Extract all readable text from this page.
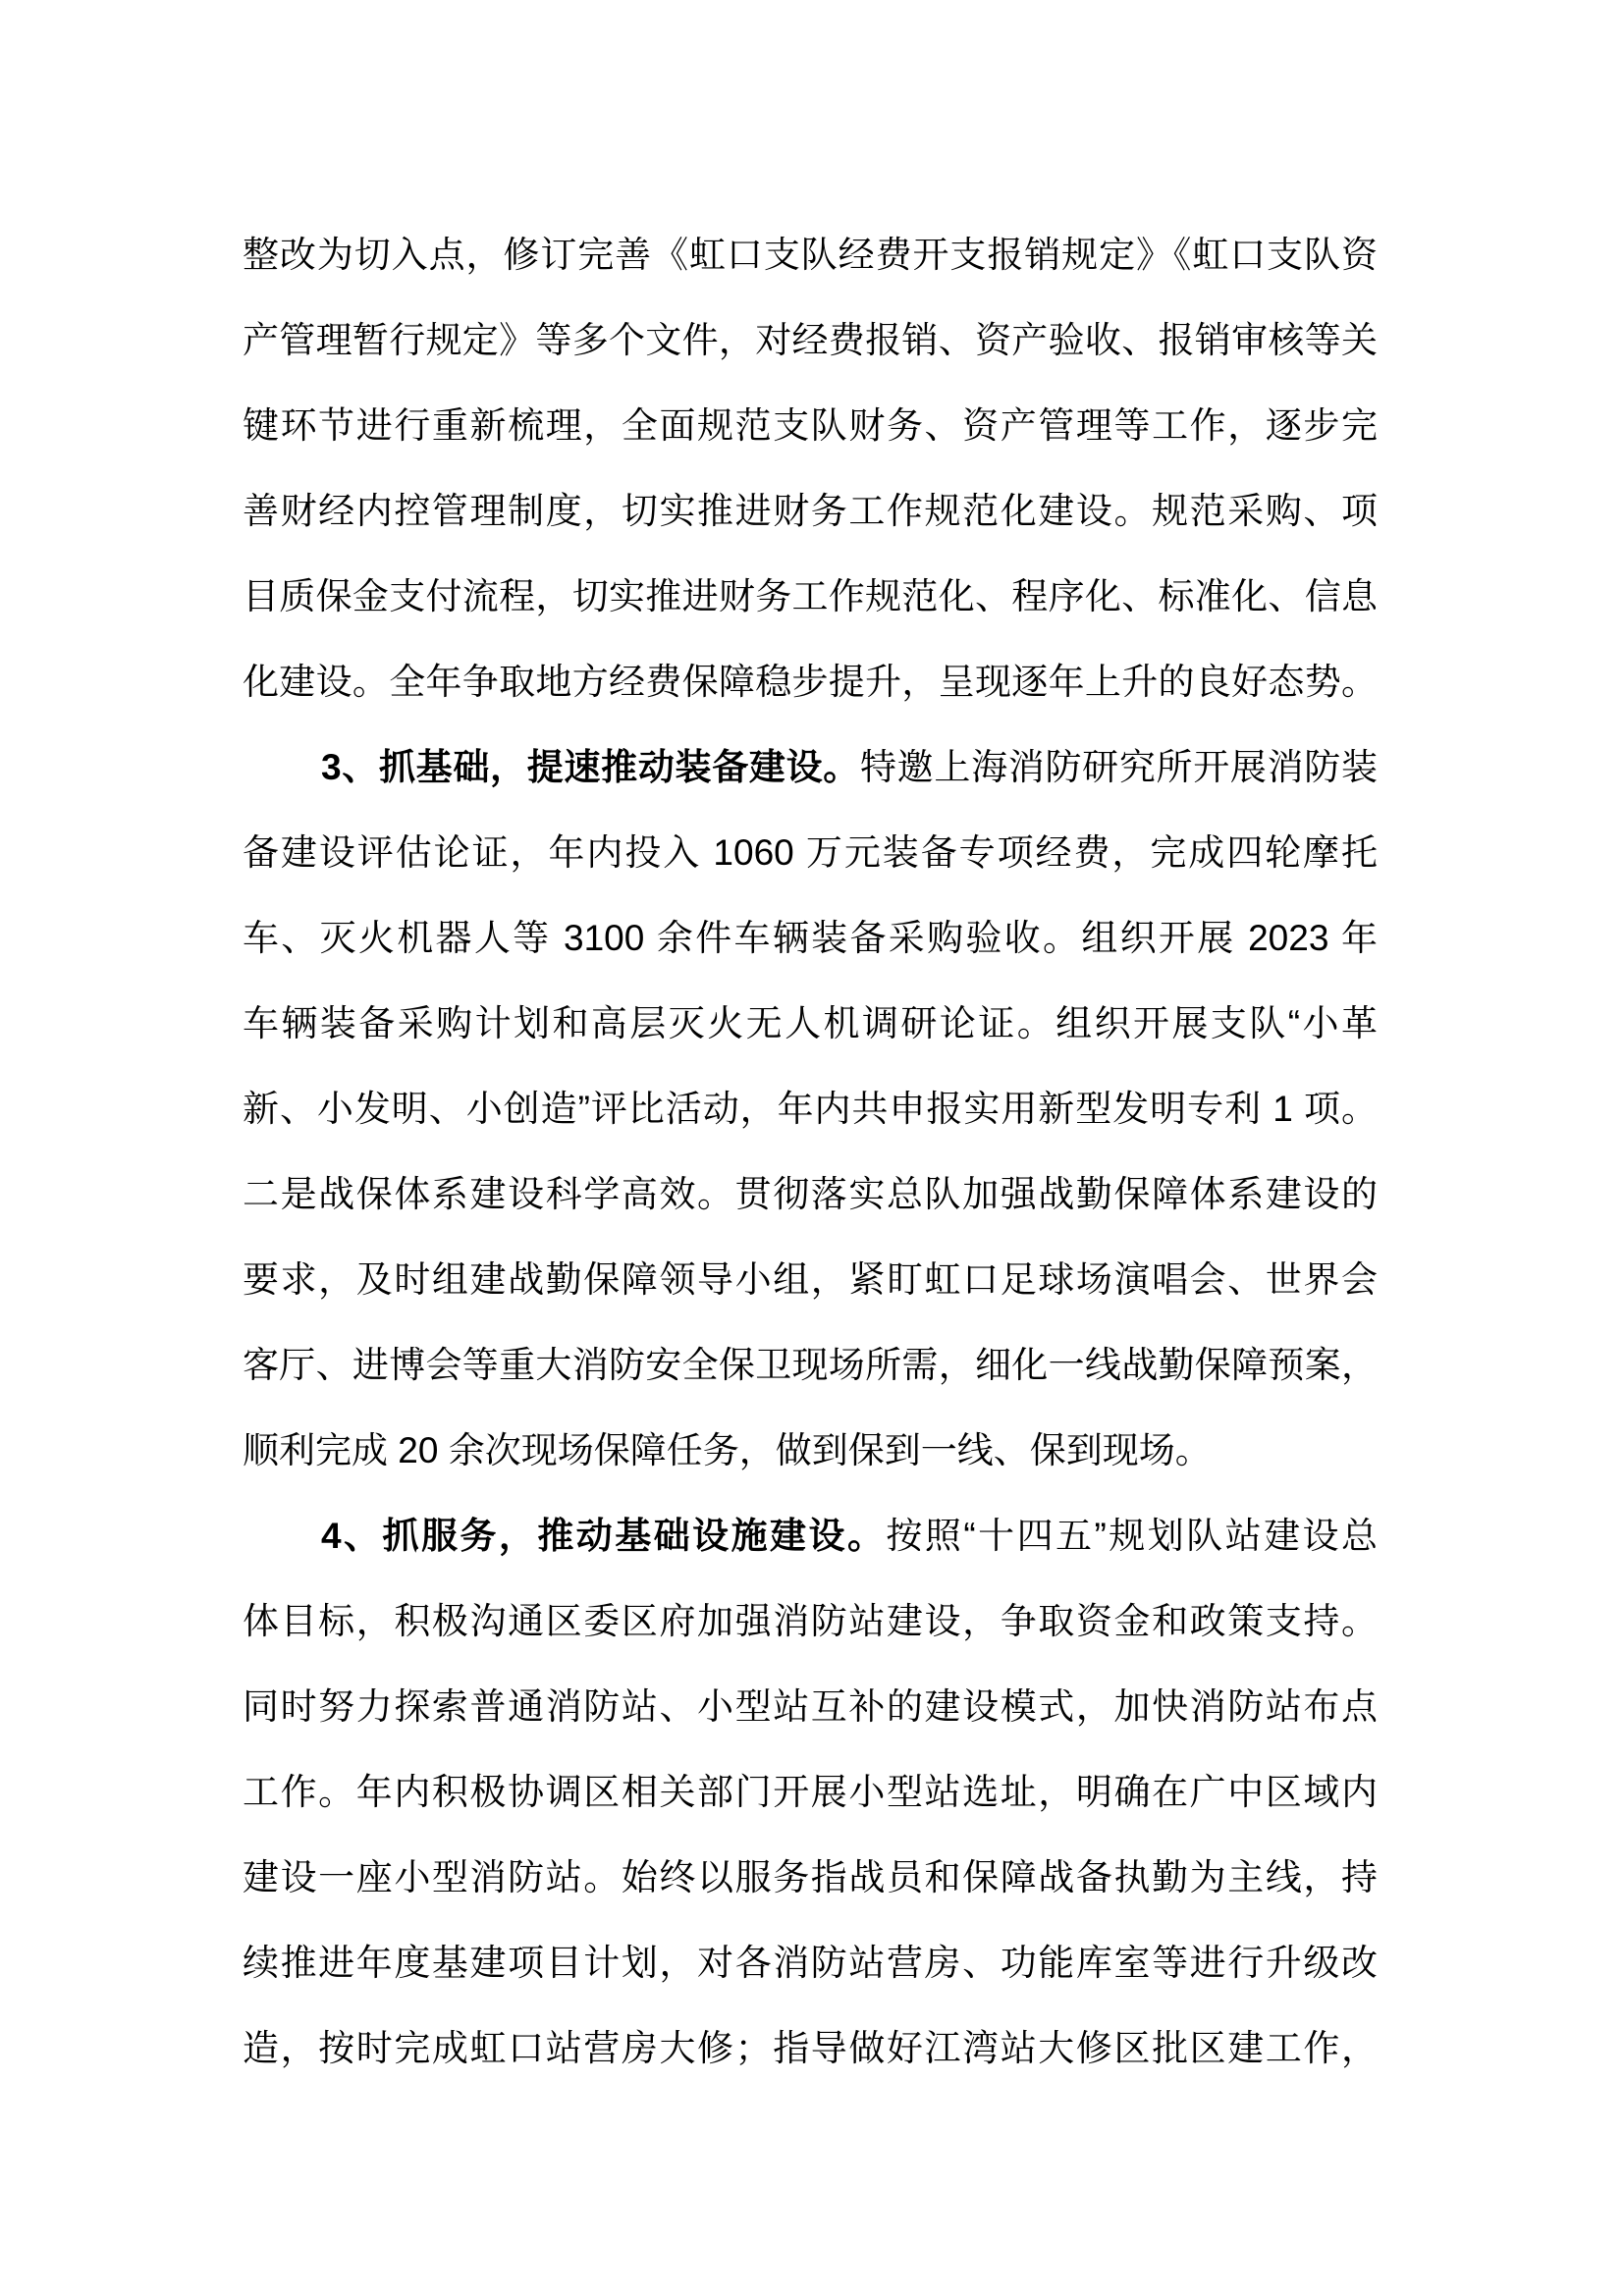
整改为切入点，修订完善《虹口支队经费开支报销规定》《虹口支队资
产管理暂行规定》等多个文件，对经费报销、资产验收、报销审核等关
键环节进行重新梳理，全面规范支队财务、资产管理等工作，逐步完
善财经内控管理制度，切实推进财务工作规范化建设。规范采购、项
目质保金支付流程，切实推进财务工作规范化、程序化、标准化、信息
化建设。全年争取地方经费保障稳步提升，呈现逐年上升的良好态势。
3、抓基础，提速推动装备建设。特邀上海消防研究所开展消防装
备建设评估论证，年内投入 1060 万元装备专项经费，完成四轮摩托
车、灭火机器人等 3100 余件车辆装备采购验收。组织开展 2023 年
车辆装备采购计划和高层灭火无人机调研论证。组织开展支队“小革
新、小发明、小创造”评比活动，年内共申报实用新型发明专利 1 项。
二是战保体系建设科学高效。贯彻落实总队加强战勤保障体系建设的
要求，及时组建战勤保障领导小组，紧盯虹口足球场演唱会、世界会
客厅、进博会等重大消防安全保卫现场所需，细化一线战勤保障预案，
顺利完成 20 余次现场保障任务，做到保到一线、保到现场。
4、抓服务，推动基础设施建设。按照“十四五”规划队站建设总
体目标，积极沟通区委区府加强消防站建设，争取资金和政策支持。
同时努力探索普通消防站、小型站互补的建设模式，加快消防站布点
工作。年内积极协调区相关部门开展小型站选址，明确在广中区域内
建设一座小型消防站。始终以服务指战员和保障战备执勤为主线，持
续推进年度基建项目计划，对各消防站营房、功能库室等进行升级改
造，按时完成虹口站营房大修；指导做好江湾站大修区批区建工作，
